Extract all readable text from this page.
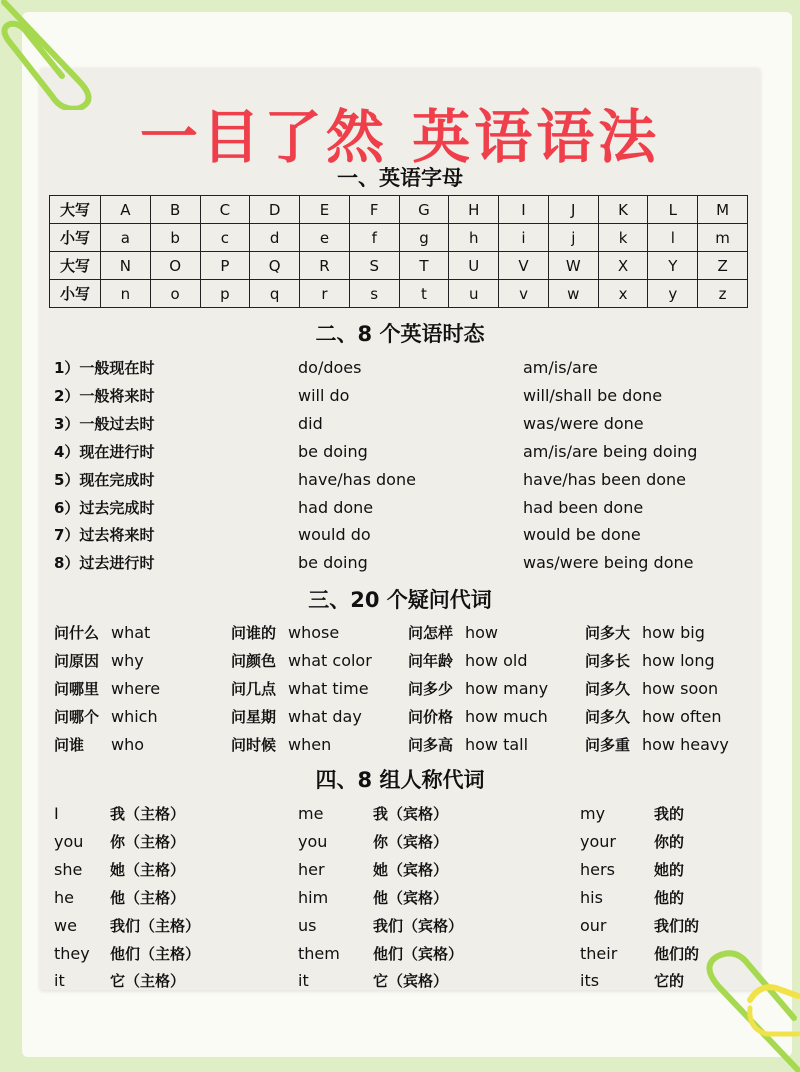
一目了然 英语语法
一、英语字母
大写	A	B	C	D	E	F	G	H	I	J	K	L	M
小写	a	b	c	d	e	f	g	h	i	j	k	l	m
大写	N	O	P	Q	R	S	T	U	V	W	X	Y	Z
小写	n	o	p	q	r	s	t	u	v	w	x	y	z
二、8 个英语时态
1）一般现在时	do/does	am/is/are
2）一般将来时	will do	will/shall be done
3）一般过去时	did	was/were done
4）现在进行时	be doing	am/is/are being doing
5）现在完成时	have/has done	have/has been done
6）过去完成时	had done	had been done
7）过去将来时	would do	would be done
8）过去进行时	be doing	was/were being done
三、20 个疑问代词
问什么 what	问谁的 whose	问怎样 how	问多大 how big
问原因 why	问颜色 what color 问年龄 how old	问多长 how long
问哪里 where	问几点 what time	问多少 how many 问多久 how soon
问哪个 which	问星期 what day	问价格 how much 问多久 how often
问谁 who	问时候 when	问多高 how tall	问多重 how heavy
四、8 组人称代词
I	我（主格）	me	我（宾格）	my	我的
you 你（主格）	you	你（宾格）	your	你的
she 她（主格）	her	她（宾格）	hers	她的
he 他（主格）	him	他（宾格）	his	他的
we 我们（主格）	us	我们（宾格）	our	我们的
they 他们（主格）	them 他们（宾格）	their 他们的
it	它（主格）	it	它（宾格）	its	它的
